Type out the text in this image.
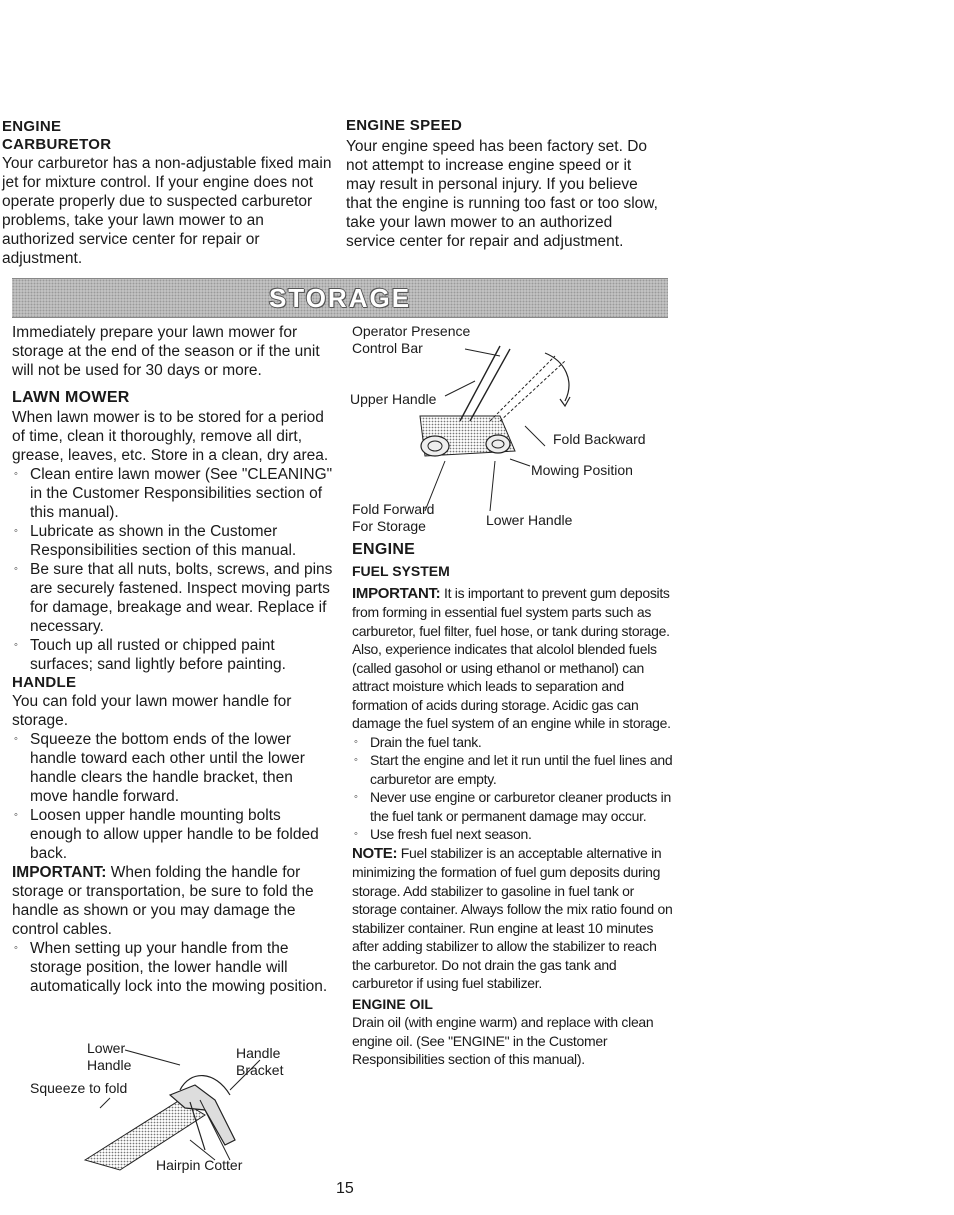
ENGINE

CARBURETOR

Your carburetor has a non-adjustable fixed main jet for mixture control. If your engine does not operate properly due to suspected carburetor problems, take your lawn mower to an authorized service center for repair or adjustment.

ENGINE SPEED

Your engine speed has been factory set. Do not attempt to increase engine speed or it may result in personal injury. If you believe that the engine is running too fast or too slow, take your lawn mower to an authorized service center for repair and adjustment.

STORAGE

Immediately prepare your lawn mower for storage at the end of the season or if the unit will not be used for 30 days or more.

LAWN MOWER

When lawn mower is to be stored for a period of time, clean it thoroughly, remove all dirt, grease, leaves, etc. Store in a clean, dry area.

◦ Clean entire lawn mower (See "CLEANING" in the Customer Responsibilities section of this manual).
◦ Lubricate as shown in the Customer Responsibilities section of this manual.
◦ Be sure that all nuts, bolts, screws, and pins are securely fastened. Inspect moving parts for damage, breakage and wear. Replace if necessary.
◦ Touch up all rusted or chipped paint surfaces; sand lightly before painting.

HANDLE

You can fold your lawn mower handle for storage.

◦ Squeeze the bottom ends of the lower handle toward each other until the lower handle clears the handle bracket, then move handle forward.
◦ Loosen upper handle mounting bolts enough to allow upper handle to be folded back.

IMPORTANT: When folding the handle for storage or transportation, be sure to fold the handle as shown or you may damage the control cables.

◦ When setting up your handle from the storage position, the lower handle will automatically lock into the mowing position.
Lower Handle
Handle Bracket
Squeeze to fold
Hairpin Cotter
Operator Presence Control Bar
Upper Handle
Fold Backward
Mowing Position
Fold Forward For Storage	Lower Handle

ENGINE

FUEL SYSTEM

IMPORTANT: It is important to prevent gum deposits from forming in essential fuel system parts such as carburetor, fuel filter, fuel hose, or tank during storage. Also, experience indicates that alcolol blended fuels (called gasohol or using ethanol or methanol) can attract moisture which leads to separation and formation of acids during storage. Acidic gas can damage the fuel system of an engine while in storage.

◦ Drain the fuel tank.
◦ Start the engine and let it run until the fuel lines and carburetor are empty.
◦ Never use engine or carburetor cleaner products in the fuel tank or permanent damage may occur.
◦ Use fresh fuel next season.

NOTE: Fuel stabilizer is an acceptable alternative in minimizing the formation of fuel gum deposits during storage. Add stabilizer to gasoline in fuel tank or storage container. Always follow the mix ratio found on stabilizer container. Run engine at least 10 minutes after adding stabilizer to allow the stabilizer to reach the carburetor. Do not drain the gas tank and carburetor if using fuel stabilizer.

ENGINE OIL

Drain oil (with engine warm) and replace with clean engine oil. (See "ENGINE" in the Customer Responsibilities section of this manual).

15
